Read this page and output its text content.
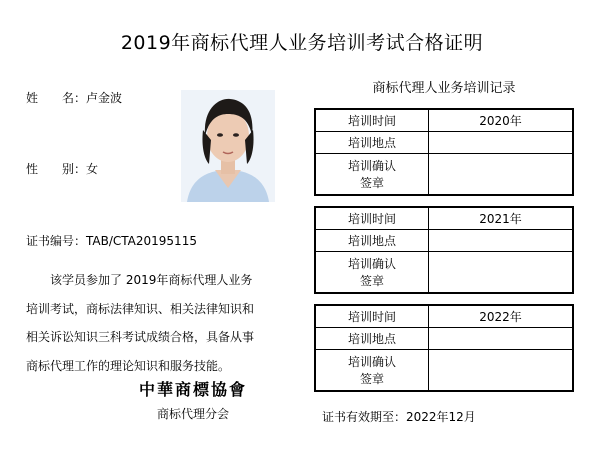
2019年商标代理人业务培训考试合格证明
姓　　名：卢金波
性　　别：女
证书编号：TAB/CTA20195115
该学员参加了 2019年商标代理人业务
培训考试，商标法律知识、相关法律知识和
相关诉讼知识三科考试成绩合格，具备从事
商标代理工作的理论知识和服务技能。
中華商標協會
商标代理分会
商标代理人业务培训记录
培训时间	2020年
培训地点	

培训确认
签章	

培训时间	2021年
培训地点	

培训确认
签章	

培训时间	2022年
培训地点	

培训确认
签章	

证书有效期至：2022年12月
